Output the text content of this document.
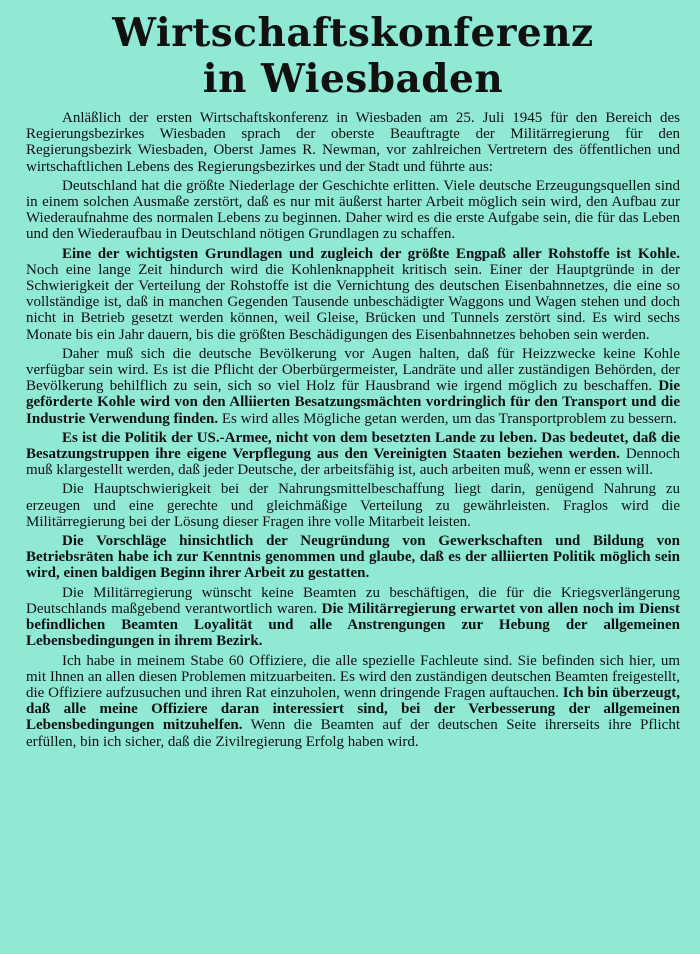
Wirtschaftskonferenz
in Wiesbaden

Anläßlich der ersten Wirtschaftskonferenz in Wiesbaden am 25. Juli 1945 für den Bereich des Regierungsbezirkes Wiesbaden sprach der oberste Beauftragte der Militärregierung für den Regierungsbezirk Wiesbaden, Oberst James R. Newman, vor zahlreichen Vertretern des öffentlichen und wirtschaftlichen Lebens des Regierungsbezirkes und der Stadt und führte aus:

Deutschland hat die größte Niederlage der Geschichte erlitten. Viele deutsche Erzeugungsquellen sind in einem solchen Ausmaße zerstört, daß es nur mit äußerst harter Arbeit möglich sein wird, den Aufbau zur Wiederaufnahme des normalen Lebens zu beginnen. Daher wird es die erste Aufgabe sein, die für das Leben und den Wiederaufbau in Deutschland nötigen Grundlagen zu schaffen.

Eine der wichtigsten Grundlagen und zugleich der größte Engpaß aller Rohstoffe ist Kohle. Noch eine lange Zeit hindurch wird die Kohlenknappheit kritisch sein. Einer der Hauptgründe in der Schwierigkeit der Verteilung der Rohstoffe ist die Vernichtung des deutschen Eisenbahnnetzes, die eine so vollständige ist, daß in manchen Gegenden Tausende unbeschädigter Waggons und Wagen stehen und doch nicht in Betrieb gesetzt werden können, weil Gleise, Brücken und Tunnels zerstört sind. Es wird sechs Monate bis ein Jahr dauern, bis die größten Beschädigungen des Eisenbahnnetzes behoben sein werden.

Daher muß sich die deutsche Bevölkerung vor Augen halten, daß für Heizzwecke keine Kohle verfügbar sein wird. Es ist die Pflicht der Oberbürgermeister, Landräte und aller zuständigen Behörden, der Bevölkerung behilflich zu sein, sich so viel Holz für Hausbrand wie irgend möglich zu beschaffen. Die geförderte Kohle wird von den Alliierten Besatzungsmächten vordringlich für den Transport und die Industrie Verwendung finden. Es wird alles Mögliche getan werden, um das Transportproblem zu bessern.

Es ist die Politik der US.-Armee, nicht von dem besetzten Lande zu leben. Das bedeutet, daß die Besatzungstruppen ihre eigene Verpflegung aus den Vereinigten Staaten beziehen werden. Dennoch muß klargestellt werden, daß jeder Deutsche, der arbeitsfähig ist, auch arbeiten muß, wenn er essen will.

Die Hauptschwierigkeit bei der Nahrungsmittelbeschaffung liegt darin, genügend Nahrung zu erzeugen und eine gerechte und gleichmäßige Verteilung zu gewährleisten. Fraglos wird die Militärregierung bei der Lösung dieser Fragen ihre volle Mitarbeit leisten.

Die Vorschläge hinsichtlich der Neugründung von Gewerkschaften und Bildung von Betriebsräten habe ich zur Kenntnis genommen und glaube, daß es der alliierten Politik möglich sein wird, einen baldigen Beginn ihrer Arbeit zu gestatten.

Die Militärregierung wünscht keine Beamten zu beschäftigen, die für die Kriegsverlängerung Deutschlands maßgebend verantwortlich waren. Die Militärregierung erwartet von allen noch im Dienst befindlichen Beamten Loyalität und alle Anstrengungen zur Hebung der allgemeinen Lebensbedingungen in ihrem Bezirk.

Ich habe in meinem Stabe 60 Offiziere, die alle spezielle Fachleute sind. Sie befinden sich hier, um mit Ihnen an allen diesen Problemen mitzuarbeiten. Es wird den zuständigen deutschen Beamten freigestellt, die Offiziere aufzusuchen und ihren Rat einzuholen, wenn dringende Fragen auftauchen. Ich bin überzeugt, daß alle meine Offiziere daran interessiert sind, bei der Verbesserung der allgemeinen Lebensbedingungen mitzuhelfen. Wenn die Beamten auf der deutschen Seite ihrerseits ihre Pflicht erfüllen, bin ich sicher, daß die Zivilregierung Erfolg haben wird.
